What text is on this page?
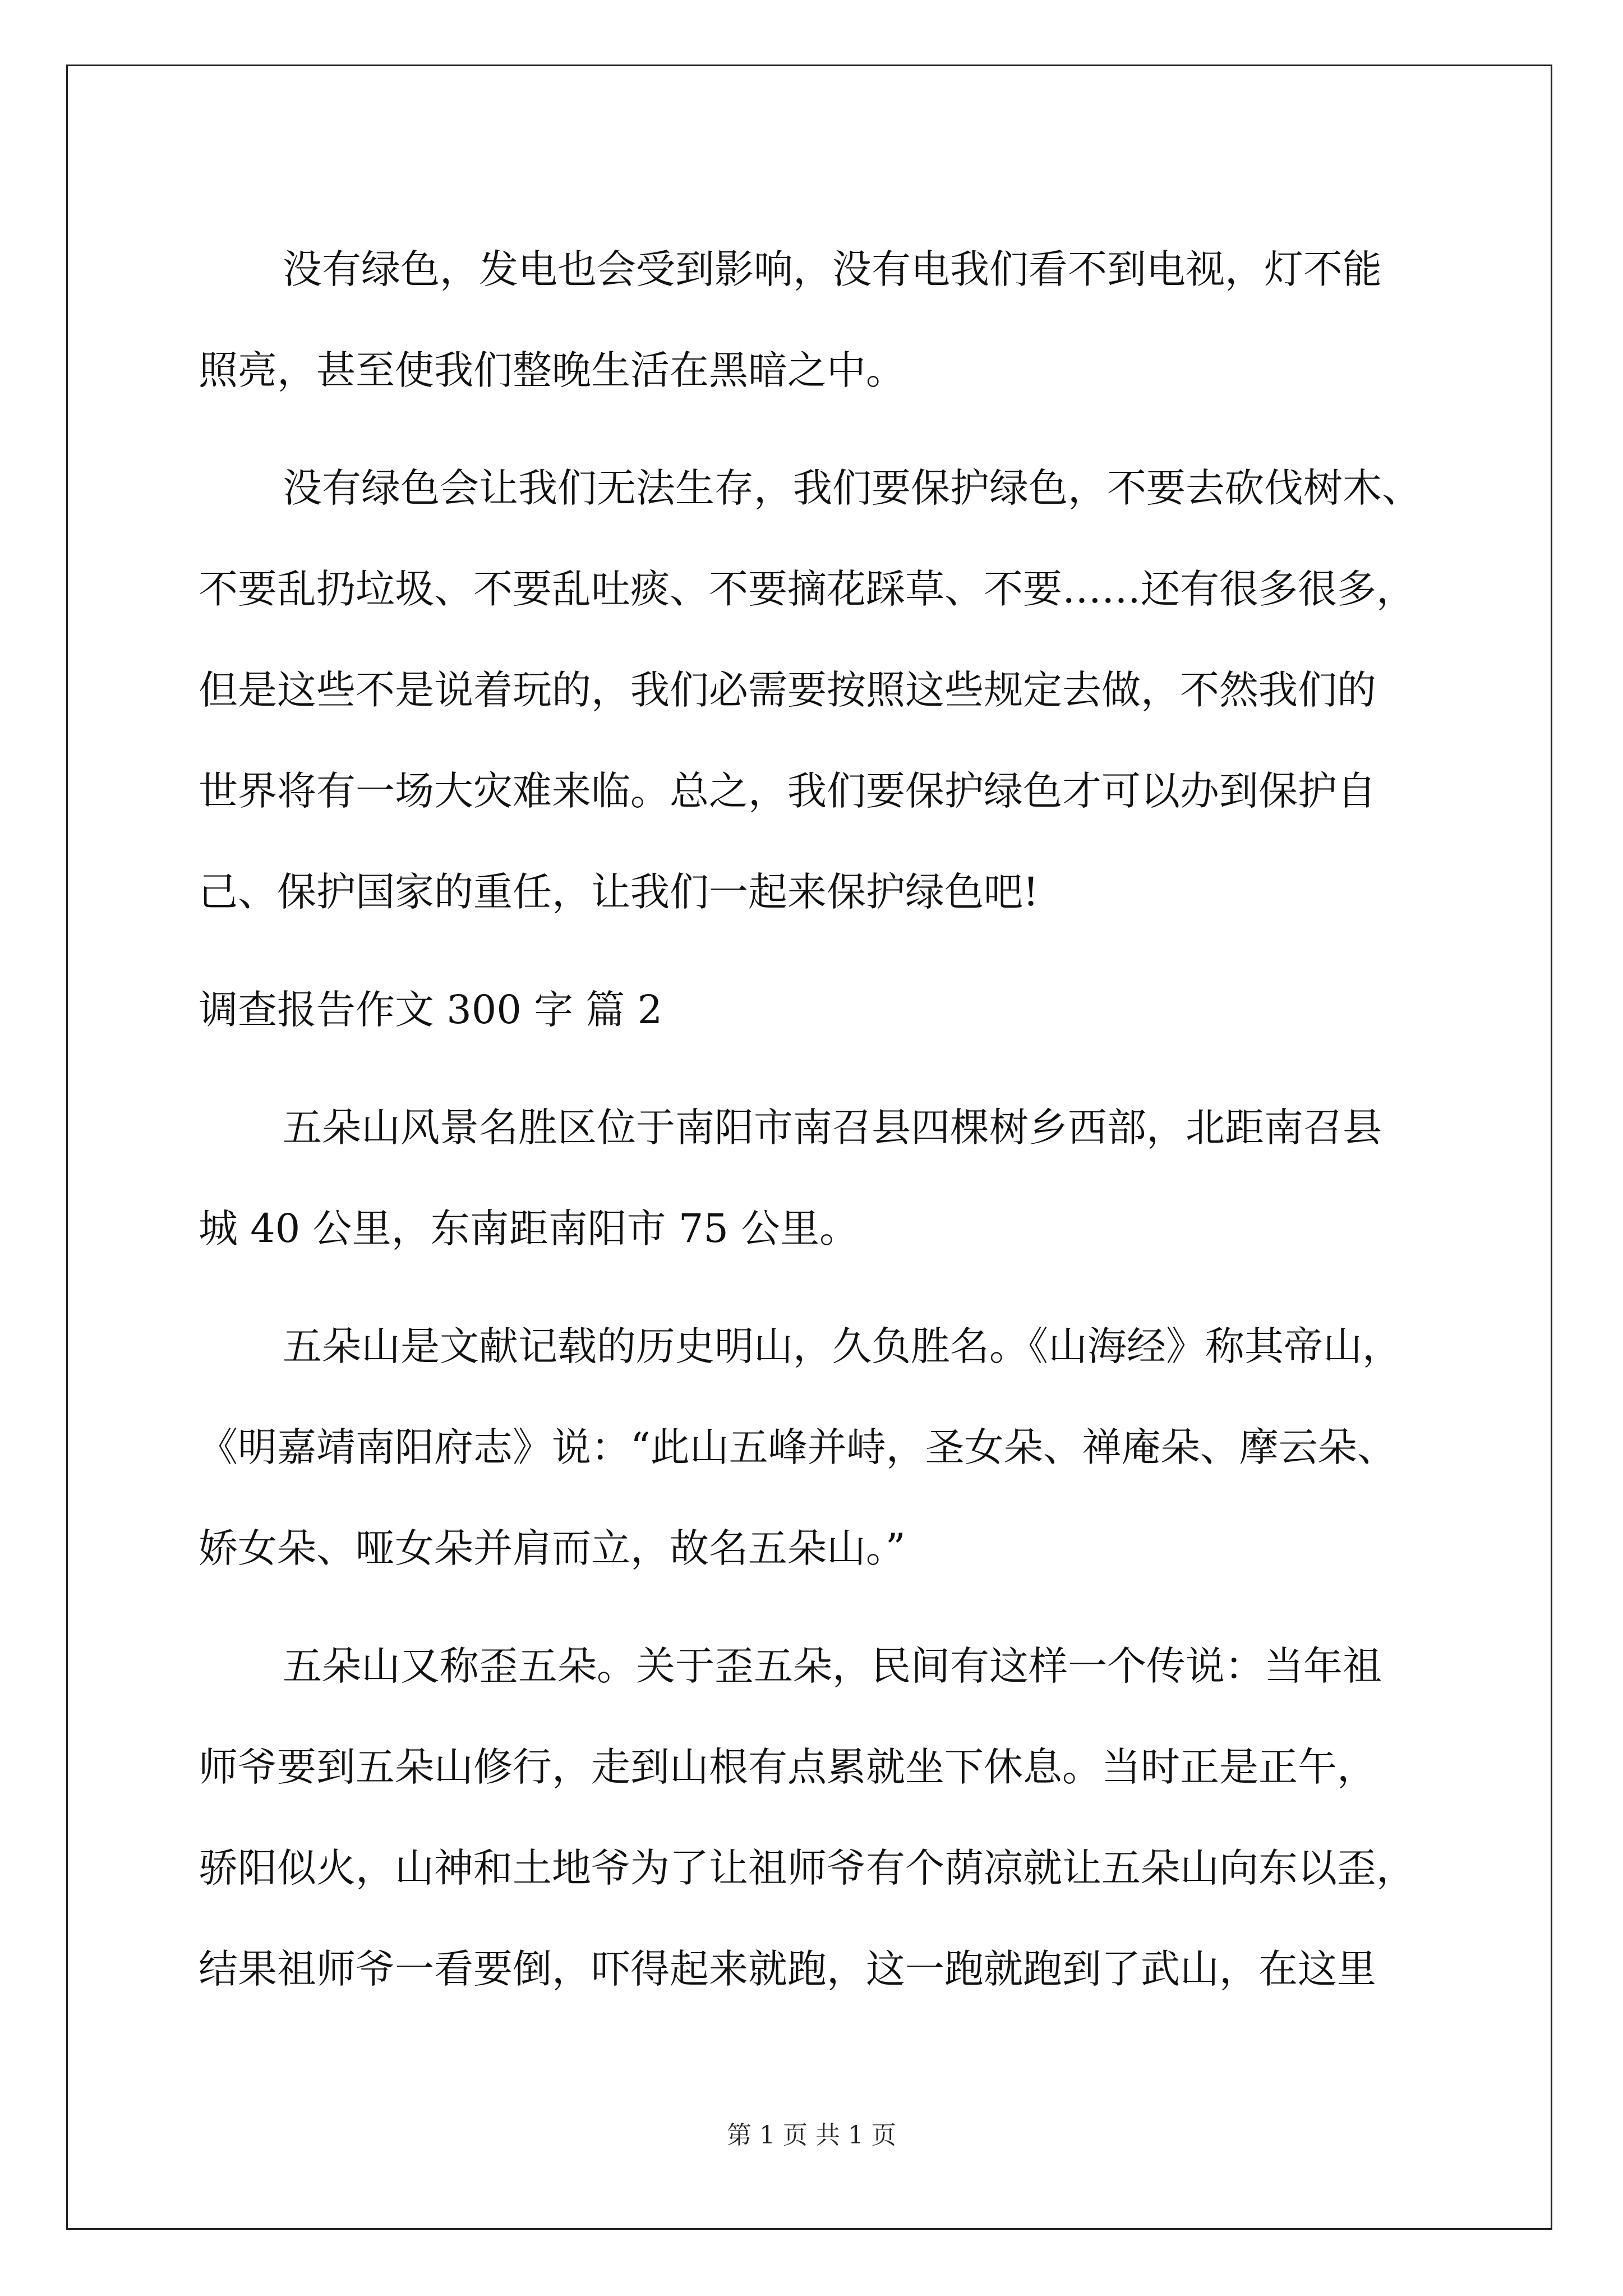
没有绿色，发电也会受到影响，没有电我们看不到电视，灯不能
照亮，甚至使我们整晚生活在黑暗之中。
没有绿色会让我们无法生存，我们要保护绿色，不要去砍伐树木、
不要乱扔垃圾、不要乱吐痰、不要摘花踩草、不要……还有很多很多，
但是这些不是说着玩的，我们必需要按照这些规定去做，不然我们的
世界将有一场大灾难来临。总之，我们要保护绿色才可以办到保护自
己、保护国家的重任，让我们一起来保护绿色吧!
调查报告作文 300 字 篇 2
五朵山风景名胜区位于南阳市南召县四棵树乡西部，北距南召县
城 40 公里，东南距南阳市 75 公里。
五朵山是文献记载的历史明山，久负胜名。《山海经》称其帝山，
《明嘉靖南阳府志》说：“此山五峰并峙，圣女朵、禅庵朵、摩云朵、
娇女朵、哑女朵并肩而立，故名五朵山。”
五朵山又称歪五朵。关于歪五朵，民间有这样一个传说：当年祖
师爷要到五朵山修行，走到山根有点累就坐下休息。当时正是正午，
骄阳似火，山神和土地爷为了让祖师爷有个荫凉就让五朵山向东以歪，
结果祖师爷一看要倒，吓得起来就跑，这一跑就跑到了武山，在这里
第 1 页 共 1 页
